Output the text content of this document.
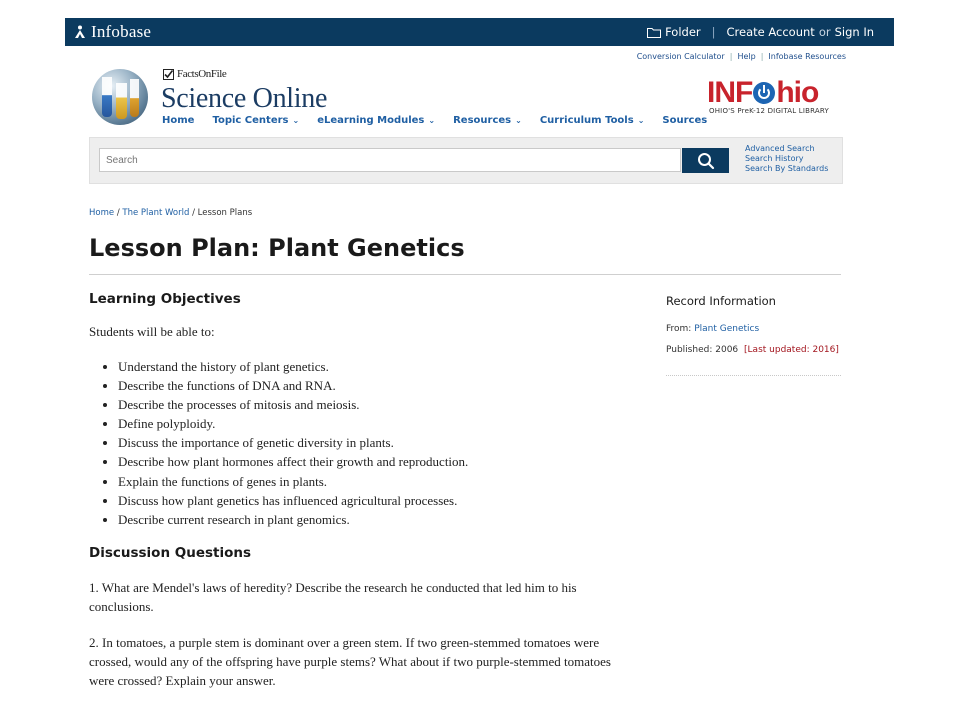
Infobase	Folder | Create Account or Sign In
Conversion Calculator | Help | Infobase Resources
FactsOnFile
Science Online
Home Topic Centers ⌄ eLearning Modules ⌄ Resources ⌄ Curriculum Tools ⌄ Sources
INF hio
OHIO'S PreK-12 DIGITAL LIBRARY
Search
Advanced Search
Search History
Search By Standards
Home / The Plant World / Lesson Plans
Lesson Plan: Plant Genetics
Learning Objectives

Students will be able to:

• Understand the history of plant genetics.
• Describe the functions of DNA and RNA.
• Describe the processes of mitosis and meiosis.
• Define polyploidy.
• Discuss the importance of genetic diversity in plants.
• Describe how plant hormones affect their growth and reproduction.
• Explain the functions of genes in plants.
• Discuss how plant genetics has influenced agricultural processes.
• Describe current research in plant genomics.
Discussion Questions

1. What are Mendel's laws of heredity? Describe the research he conducted that led him to his conclusions.

2. In tomatoes, a purple stem is dominant over a green stem. If two green-stemmed tomatoes were crossed, would any of the offspring have purple stems? What about if two purple-stemmed tomatoes were crossed? Explain your answer.

Record Information
From: Plant Genetics
Published: 2006 [Last updated: 2016]
